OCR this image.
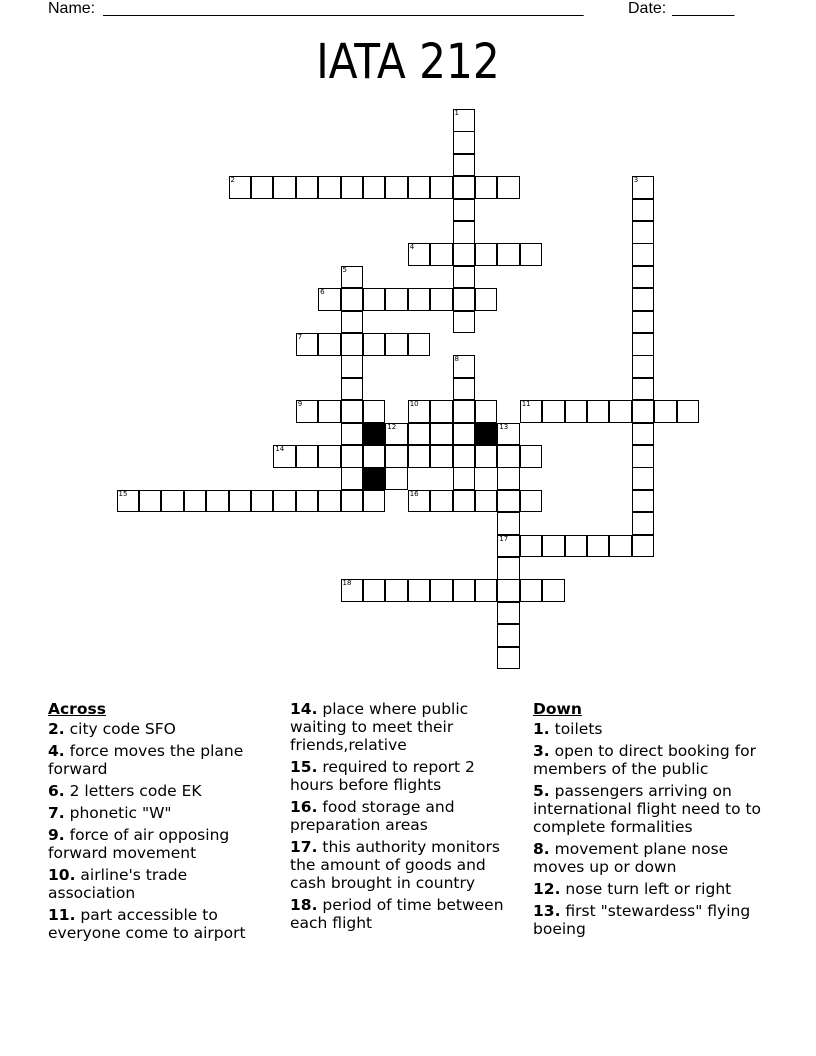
Name: ______________________________________________________	Date: _______
IATA 212
1
2	3
4
5
6
7
8
9	10	11
12	13
14
15	16
17
18
Across
2. city code SFO
4. force moves the plane forward
6. 2 letters code EK
7. phonetic "W"
9. force of air opposing forward movement
10. airline's trade association
11. part accessible to everyone come to airport
14. place where public waiting to meet their friends,relative
15. required to report 2 hours before flights
16. food storage and preparation areas
17. this authority monitors the amount of goods and cash brought in country
18. period of time between each flight
Down
1. toilets
3. open to direct booking for members of the public
5. passengers arriving on international flight need to to complete formalities
8. movement plane nose moves up or down
12. nose turn left or right
13. first "stewardess" flying boeing
